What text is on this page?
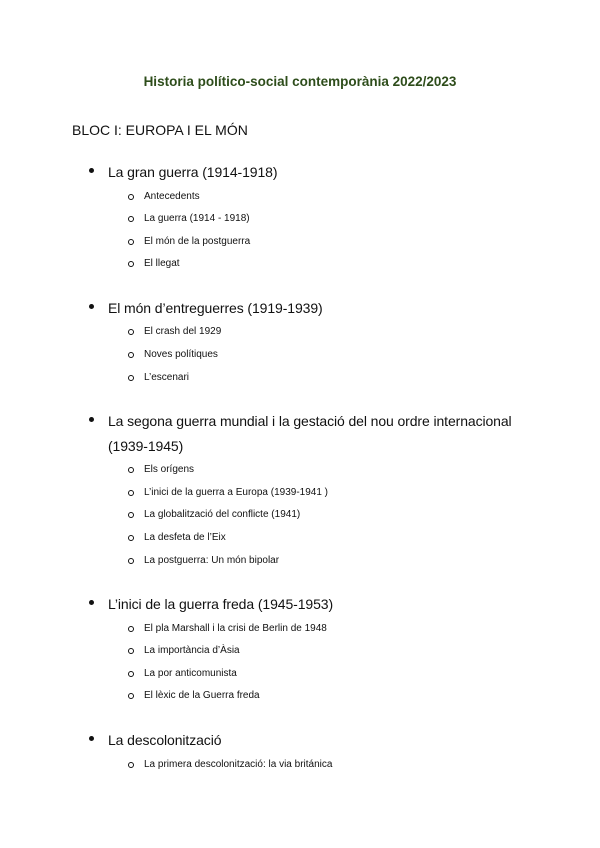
Historia político-social contemporània 2022/2023
BLOC I: EUROPA I EL MÓN
La gran guerra (1914-1918)
Antecedents
La guerra (1914 - 1918)
El món de la postguerra
El llegat
El món d’entreguerres (1919-1939)
El crash del 1929
Noves polítiques
L’escenari
La segona guerra mundial i la gestació del nou ordre internacional (1939-1945)
Els orígens
L’inici de la guerra a Europa (1939-1941 )
La globalització del conflicte (1941)
La desfeta de l’Eix
La postguerra: Un món bipolar
L’inici de la guerra freda (1945-1953)
El pla Marshall i la crisi de Berlin de 1948
La importància d’Àsia
La por anticomunista
El lèxic de la Guerra freda
La descolonització
La primera descolonització: la via británica
